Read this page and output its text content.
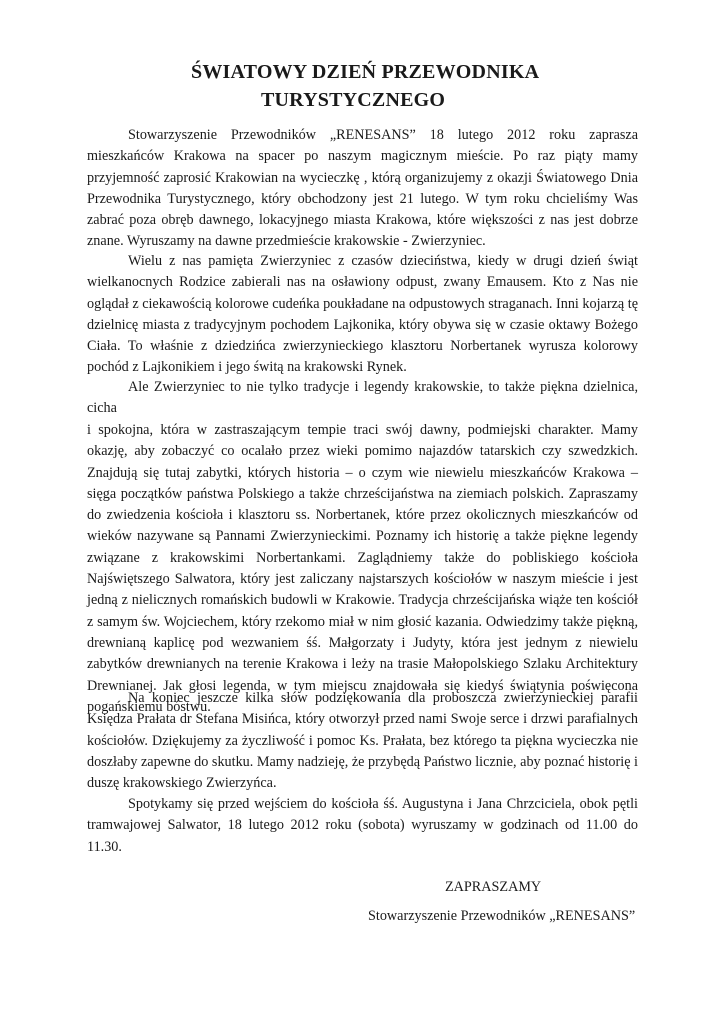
ŚWIATOWY DZIEŃ PRZEWODNIKA
TURYSTYCZNEGO

Stowarzyszenie Przewodników „RENESANS” 18 lutego 2012 roku zaprasza mieszkańców Krakowa na spacer po naszym magicznym mieście. Po raz piąty mamy przyjemność zaprosić Krakowian na wycieczkę , którą organizujemy z okazji Światowego Dnia Przewodnika Turystycznego, który obchodzony jest 21 lutego. W tym roku chcieliśmy Was zabrać poza obręb dawnego, lokacyjnego miasta Krakowa, które większości z nas jest dobrze znane. Wyruszamy na dawne przedmieście krakowskie - Zwierzyniec.

Wielu z nas pamięta Zwierzyniec z czasów dzieciństwa, kiedy w drugi dzień świąt wielkanocnych Rodzice zabierali nas na osławiony odpust, zwany Emausem. Kto z Nas nie oglądał z ciekawością kolorowe cudeńka poukładane na odpustowych straganach. Inni kojarzą tę dzielnicę miasta z tradycyjnym pochodem Lajkonika, który obywa się w czasie oktawy Bożego Ciała. To właśnie z dziedzińca zwierzynieckiego klasztoru Norbertanek wyrusza kolorowy pochód z Lajkonikiem i jego świtą na krakowski Rynek.

Ale Zwierzyniec to nie tylko tradycje i legendy krakowskie, to także piękna dzielnica, cicha

i spokojna, która w zastraszającym tempie traci swój dawny, podmiejski charakter. Mamy okazję, aby zobaczyć co ocalało przez wieki pomimo najazdów tatarskich czy szwedzkich. Znajdują się tutaj zabytki, których historia – o czym wie niewielu mieszkańców Krakowa – sięga początków państwa Polskiego a także chrześcijaństwa na ziemiach polskich. Zapraszamy do zwiedzenia kościoła i klasztoru ss. Norbertanek, które przez okolicznych mieszkańców od wieków nazywane są Pannami Zwierzynieckimi. Poznamy ich historię a także piękne legendy związane z krakowskimi Norbertankami. Zaglądniemy także do pobliskiego kościoła Najświętszego Salwatora, który jest zaliczany najstarszych kościołów w naszym mieście i jest jedną z nielicznych romańskich budowli w Krakowie. Tradycja chrześcijańska wiąże ten kościół z samym św. Wojciechem, który rzekomo miał w nim głosić kazania. Odwiedzimy także piękną, drewnianą kaplicę pod wezwaniem śś. Małgorzaty i Judyty, która jest jednym z niewielu zabytków drewnianych na terenie Krakowa i leży na trasie Małopolskiego Szlaku Architektury Drewnianej. Jak głosi legenda, w tym miejscu znajdowała się kiedyś świątynia poświęcona pogańskiemu bóstwu.

Na koniec jeszcze kilka słów podziękowania dla proboszcza zwierzynieckiej parafii Księdza Prałata dr Stefana Misińca, który otworzył przed nami Swoje serce i drzwi parafialnych kościołów. Dziękujemy za życzliwość i pomoc Ks. Prałata, bez którego ta piękna wycieczka nie doszłaby zapewne do skutku. Mamy nadzieję, że przybędą Państwo licznie, aby poznać historię i duszę krakowskiego Zwierzyńca.

Spotykamy się przed wejściem do kościoła śś. Augustyna i Jana Chrzciciela, obok pętli tramwajowej Salwator, 18 lutego 2012 roku (sobota) wyruszamy w godzinach od 11.00 do 11.30.

ZAPRASZAMY

Stowarzyszenie Przewodników „RENESANS”
